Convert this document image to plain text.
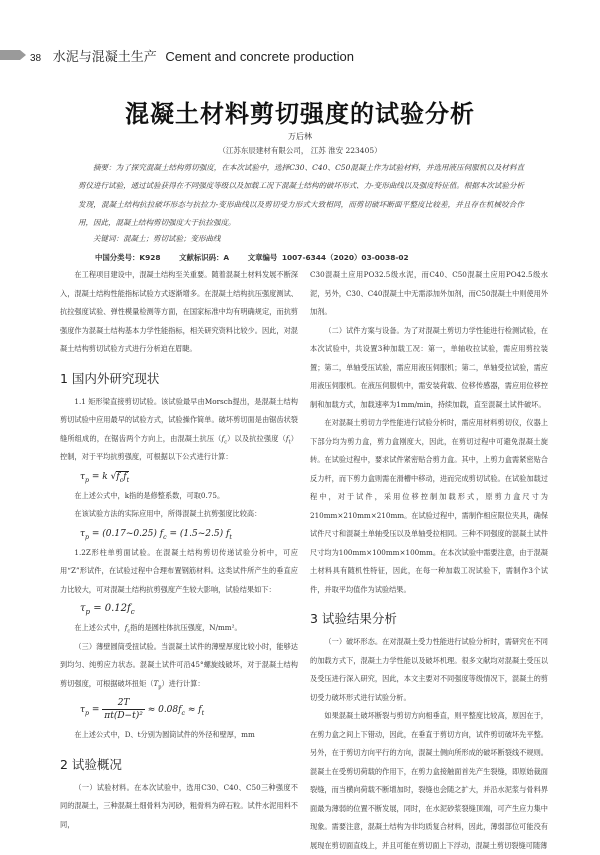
38 水泥与混凝土生产 Cement and concrete production
混凝土材料剪切强度的试验分析
万后林
（江苏东辰建材有限公司， 江苏 淮安 223405）
摘要：为了探究混凝土结构剪切强度，在本次试验中，选择C30、C40、C50混凝土作为试验材料，并选用液压伺服机以及材料直剪仪进行试验，通过试验获得在不同强度等级以及加载工况下混凝土结构的破坏形式、力-变形曲线以及强度特征值。根据本次试验分析发现，混凝土结构抗拉破坏形态与抗拉力-变形曲线以及剪切受力形式大致相同，而剪切破坏断面平整度比较差，并且存在机械咬合作用，因此，混凝土结构剪切强度大于抗拉强度。
关键词：混凝土；剪切试验；变形曲线
中国分类号：K928	文献标识码：A	文章编号 1007-6344（2020）03-0038-02

在工程项目建设中，混凝土结构至关重要。随着混凝土材料发展不断深入，混凝土结构性能指标试验方式逐渐增多。在混凝土结构抗压强度测试、抗拉强度试验、弹性模量检测等方面，在国家标准中均有明确规定，而抗剪强度作为混凝土结构基本力学性能指标，相关研究资料比较少。因此，对混凝土结构剪切试验方式进行分析迫在眉睫。

1 国内外研究现状

1.1 矩形梁直接剪切试验。该试验最早由Morsch提出，是混凝土结构剪切试验中应用最早的试验方式，试验操作简单。破坏剪切面是由锯齿状裂缝所组成的，在锯齿两个方向上，由混凝土抗压$(f_c)$以及抗拉强度$(f_t)$控制，对于平均抗剪强度，可根据以下公式进行计算：

$\tau_p = k$ $√f_cf_t$

在上述公式中，k指的是修整系数，可取0.75。

在该试验方法的实际应用中，所得混凝土抗剪强度比较高：

$\tau_p$ = (0.17~0.25) $f_c$ = (1.5~2.5) $f_t$

1.2Z形柱单剪面试验。在混凝土结构剪切传递试验分析中，可应用“Z”形试件，在试验过程中合理布置钢筋材料。这类试件所产生的垂直应力比较大，可对混凝土结构抗剪强度产生较大影响，试验结果如下：

$\tau_p = 0.12f_c$

在上述公式中，$f_c$指的是圆柱体抗压强度，N/mm²。

（三）薄壁圆筒受扭试验。当混凝土试件的薄壁厚度比较小时，能够达到均匀、纯剪应力状态。混凝土试件可沿45°螺旋线破坏，对于混凝土结构剪切强度，可根据破坏扭矩$(T_p)$进行计算：

$\tau_p = \frac{2T}{\text{πt(D−t)²}} \approx 0.08f_c \approx f_t$

在上述公式中，D、t分别为圆筒试件的外径和壁厚，mm

2 试验概况

（一）试验材料。在本次试验中，选用C30、C40、C50三种强度不同的混凝土，三种混凝土细骨料为河砂，粗骨料为碎石粒。试件水泥用料不同，

C30混凝土应用PO32.5级水泥，而C40、C50混凝土应用PO42.5级水泥，另外，C30、C40混凝土中无需添加外加剂，而C50混凝土中则使用外加剂。

（二）试件方案与设备。为了对混凝土剪切力学性能进行检测试验，在本次试验中，共设置3种加载工况：第一，单轴收拉试验，需应用剪拉装置；第二，单轴受压试验，需应用液压伺服机；第二，单轴受拉试验，需应用液压伺服机。在液压伺服机中，需安装荷载、位移传感器，需应用位移控制和加载方式，加载速率为1mm/min，持续加载，直至混凝土试件破坏。

在对混凝土剪切力学性能进行试验分析时，需应用材料剪切仪，仪器上下部分均为剪力盒，剪力盒刚度大，因此，在剪切过程中可避免混凝土旋转。在试验过程中，要求试件紧密贴合剪力盒。其中，上剪力盒需紧密贴合反力杆，而下剪力盒则需在滑槽中移动，进而完成剪切试验。在试验加载过程中，对于试件，采用位移控制加载形式，原剪力盒尺寸为210mm×210mm×210mm。在试验过程中，需制作相应限位夹具，确保试件尺寸和混凝土单轴受压以及单轴受拉相同。三种不同强度的混凝土试件尺寸均为100mm×100mm×100mm。在本次试验中需要注意，由于混凝土材料具有随机性特征，因此，在每一种加载工况试验下，需制作3个试件，并取平均值作为试验结果。

3 试验结果分析

（一）破坏形态。在对混凝土受力性能进行试验分析时，需研究在不同的加载方式下，混凝土力学性能以及破坏机理。很多文献均对混凝土受压以及受压进行深入研究，因此，本文主要对不同强度等级情况下，混凝土的剪切受力破坏形式进行试验分析。

如果混凝土破坏断裂与剪切方向相垂直，则平整度比较高，原因在于，在剪力盒之间上下错动，因此，在垂直于剪切方向，试件剪切破坏先平整。另外，在于剪切方向平行的方向，混凝土侧向所形成的破坏断裂线不规则。混凝土在受剪切荷载的作用下，在剪力盒接触面首先产生裂缝，即原始裁面裂缝，而当横向荷载不断增加时，裂缝也会随之扩大，并沿水泥浆与骨料界面最为薄弱的位置不断发展，同时，在水泥砂浆裂缝顶端，可产生应力集中现象。需要注意，混凝土结构为非均质复合材料，因此，薄弱部位可能没有展现在剪切面直线上，并且可能在剪切面上下浮动，混凝土剪切裂缝可随薄
